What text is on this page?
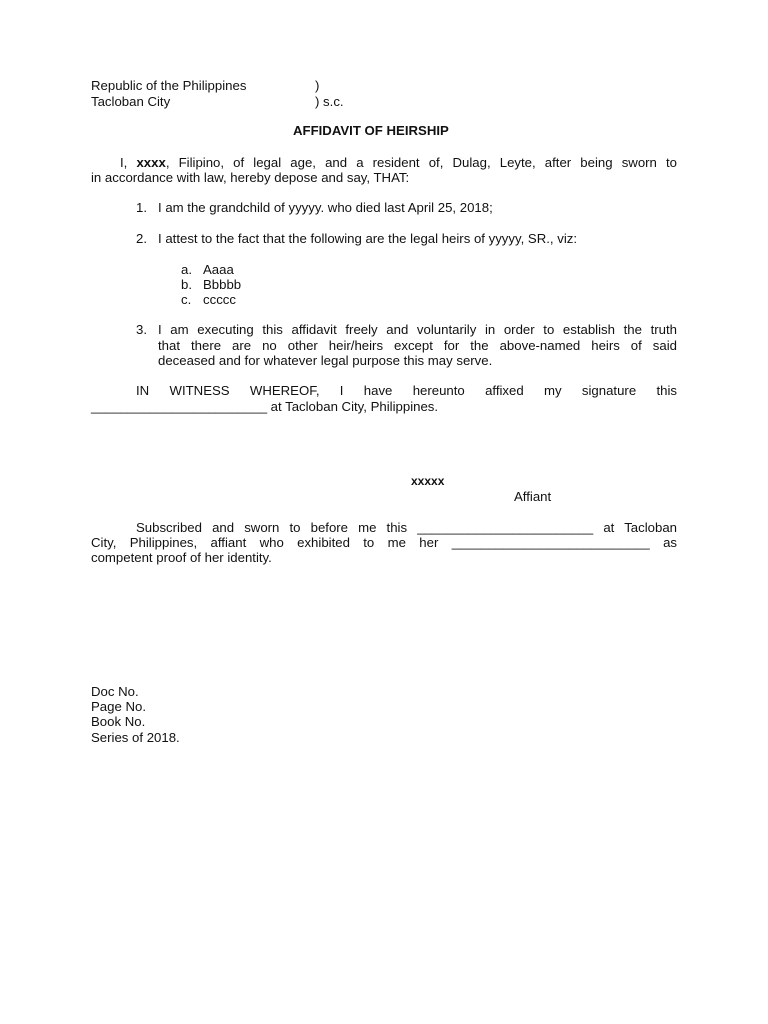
Republic of the Philippines	)
Tacloban City	) s.c.
AFFIDAVIT OF HEIRSHIP
I, xxxx, Filipino, of legal age, and a resident of, Dulag, Leyte, after being sworn to
in accordance with law, hereby depose and say, THAT:
1. I am the grandchild of yyyyy. who died last April 25, 2018;
2. I attest to the fact that the following are the legal heirs of yyyyy, SR., viz:
a. Aaaa
b. Bbbbb
c. ccccc
3. I am executing this affidavit freely and voluntarily in order to establish the truth
that there are no other heir/heirs except for the above-named heirs of said
deceased and for whatever legal purpose this may serve.
IN WITNESS WHEREOF, I have hereunto affixed my signature this
________________________ at Tacloban City, Philippines.
xxxxx
Affiant
Subscribed and sworn to before me this ________________________ at Tacloban
City, Philippines, affiant who exhibited to me her ___________________________ as
competent proof of her identity.
Doc No.
Page No.
Book No.
Series of 2018.
